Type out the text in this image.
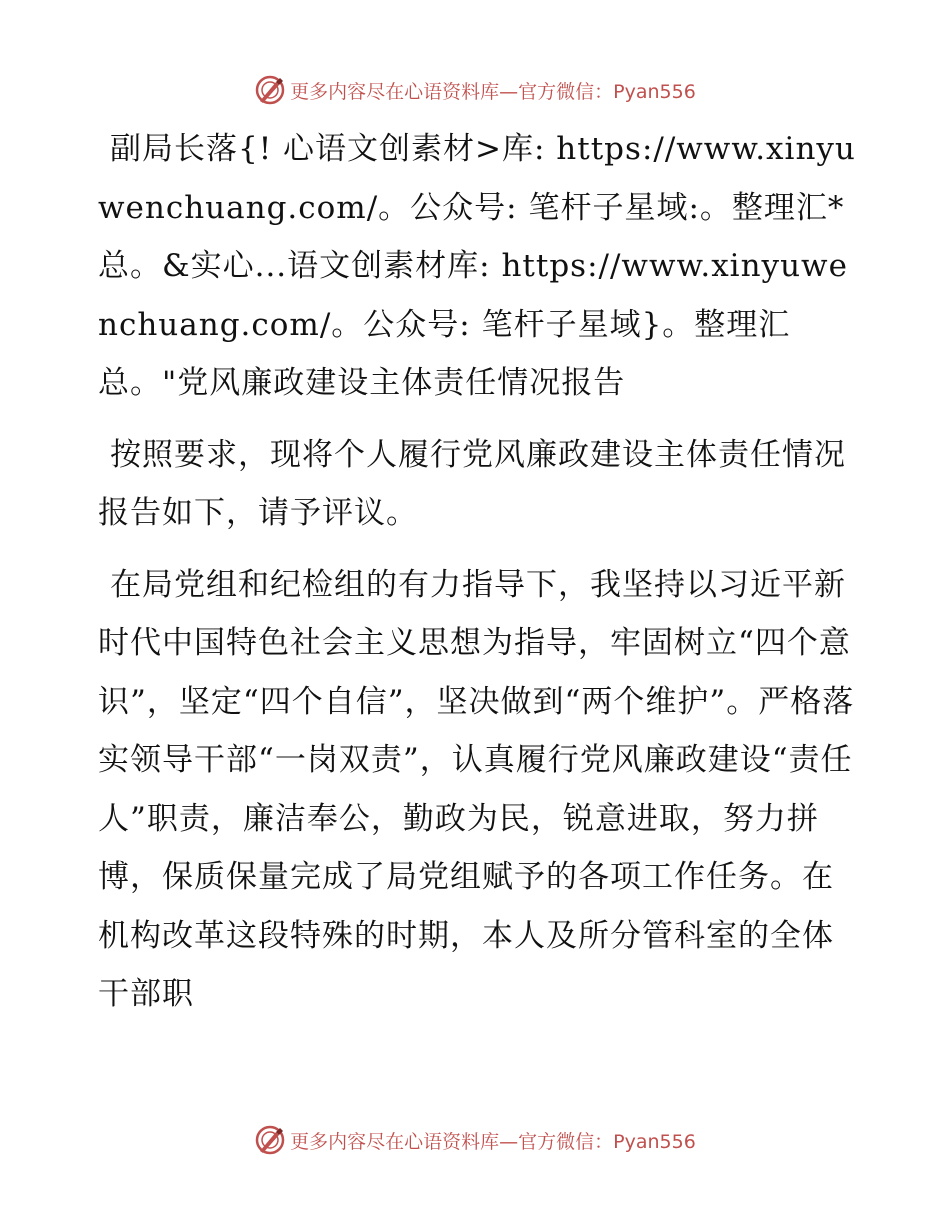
更多内容尽在心语资料库—官方微信：Pyan556

副局长落{! 心语文创素材>库: https://www.xinyuwenchuang.com/。公众号: 笔杆子星域:。整理汇*总。&实心...语文创素材库: https://www.xinyuwenchuang.com/。公众号: 笔杆子星域}。整理汇总。"党风廉政建设主体责任情况报告

按照要求，现将个人履行党风廉政建设主体责任情况报告如下，请予评议。

在局党组和纪检组的有力指导下，我坚持以习近平新时代中国特色社会主义思想为指导，牢固树立“四个意识”，坚定“四个自信”，坚决做到“两个维护”。严格落实领导干部“一岗双责”，认真履行党风廉政建设“责任人”职责，廉洁奉公，勤政为民，锐意进取，努力拼博，保质保量完成了局党组赋予的各项工作任务。在机构改革这段特殊的时期，本人及所分管科室的全体干部职

更多内容尽在心语资料库—官方微信：Pyan556
